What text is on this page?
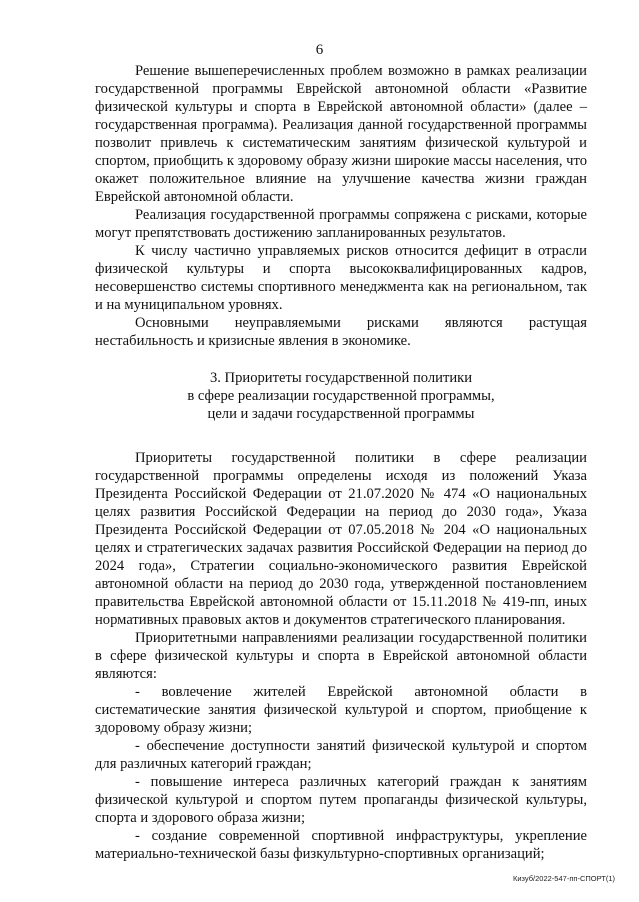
6

Решение вышеперечисленных проблем возможно в рамках реализации государственной программы Еврейской автономной области «Развитие физической культуры и спорта в Еврейской автономной области» (далее – государственная программа). Реализация данной государственной программы позволит привлечь к систематическим занятиям физической культурой и спортом, приобщить к здоровому образу жизни широкие массы населения, что окажет положительное влияние на улучшение качества жизни граждан Еврейской автономной области.

Реализация государственной программы сопряжена с рисками, которые могут препятствовать достижению запланированных результатов.

К числу частично управляемых рисков относится дефицит в отрасли физической культуры и спорта высококвалифицированных кадров, несовершенство системы спортивного менеджмента как на региональном, так и на муниципальном уровнях.

Основными неуправляемыми рисками являются растущая нестабильность и кризисные явления в экономике.

3. Приоритеты государственной политики
в сфере реализации государственной программы,
цели и задачи государственной программы

Приоритеты государственной политики в сфере реализации государственной программы определены исходя из положений Указа Президента Российской Федерации от 21.07.2020 № 474 «О национальных целях развития Российской Федерации на период до 2030 года», Указа Президента Российской Федерации от 07.05.2018 № 204 «О национальных целях и стратегических задачах развития Российской Федерации на период до 2024 года», Стратегии социально-экономического развития Еврейской автономной области на период до 2030 года, утвержденной постановлением правительства Еврейской автономной области от 15.11.2018 № 419-пп, иных нормативных правовых актов и документов стратегического планирования.

Приоритетными направлениями реализации государственной политики в сфере физической культуры и спорта в Еврейской автономной области являются:

- вовлечение жителей Еврейской автономной области в систематические занятия физической культурой и спортом, приобщение к здоровому образу жизни;

- обеспечение доступности занятий физической культурой и спортом для различных категорий граждан;

- повышение интереса различных категорий граждан к занятиям физической культурой и спортом путем пропаганды физической культуры, спорта и здорового образа жизни;

- создание современной спортивной инфраструктуры, укрепление материально-технической базы физкультурно-спортивных организаций;

Кизуб/2022-547-пп-СПОРТ(1)
